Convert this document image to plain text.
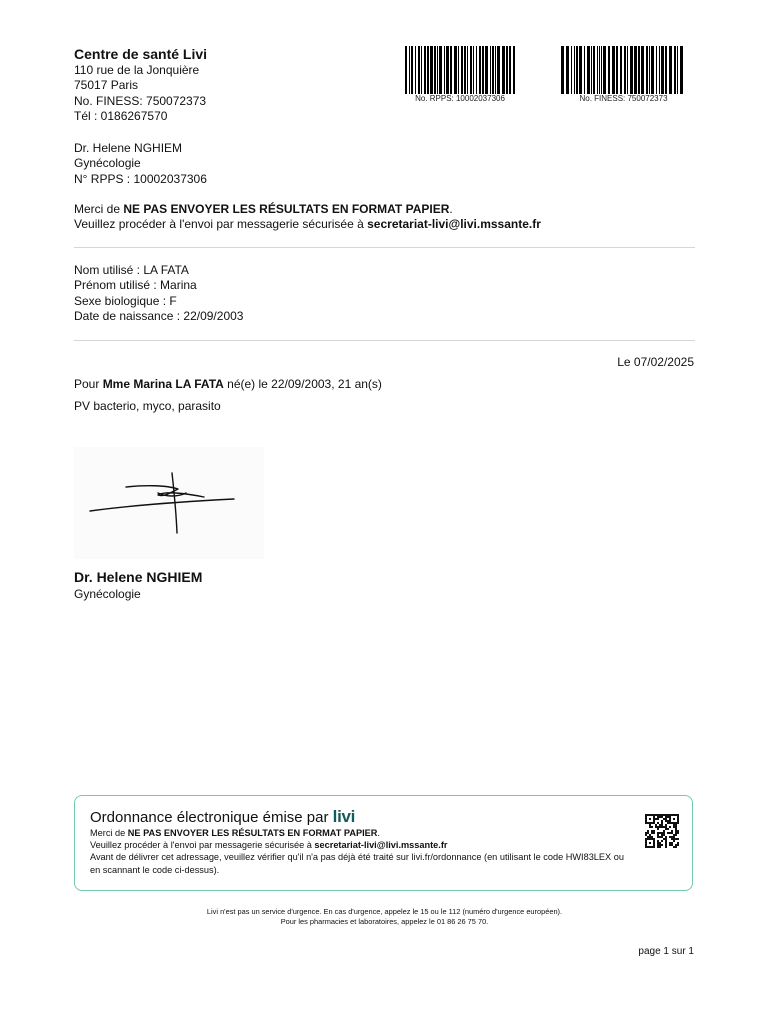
Centre de santé Livi
110 rue de la Jonquière
75017 Paris
No. FINESS: 750072373
Tél : 0186267570
No. RPPS: 10002037306	No. FINESS: 750072373
Dr. Helene NGHIEM
Gynécologie
N° RPPS : 10002037306
Merci de NE PAS ENVOYER LES RÉSULTATS EN FORMAT PAPIER.
Veuillez procéder à l'envoi par messagerie sécurisée à secretariat-livi@livi.mssante.fr
Nom utilisé : LA FATA
Prénom utilisé : Marina
Sexe biologique : F
Date de naissance : 22/09/2003
Le 07/02/2025
Pour Mme Marina LA FATA né(e) le 22/09/2003, 21 an(s)
PV bacterio, myco, parasito
Dr. Helene NGHIEM
Gynécologie
Ordonnance électronique émise par livi
Merci de NE PAS ENVOYER LES RÉSULTATS EN FORMAT PAPIER.
Veuillez procéder à l'envoi par messagerie sécurisée à secretariat-livi@livi.mssante.fr
Avant de délivrer cet adressage, veuillez vérifier qu'il n'a pas déjà été traité sur livi.fr/ordonnance (en utilisant le code HWI83LEX ou
en scannant le code ci-dessus).
Livi n'est pas un service d'urgence. En cas d'urgence, appelez le 15 ou le 112 (numéro d'urgence européen).
Pour les pharmacies et laboratoires, appelez le 01 86 26 75 70.
page 1 sur 1
